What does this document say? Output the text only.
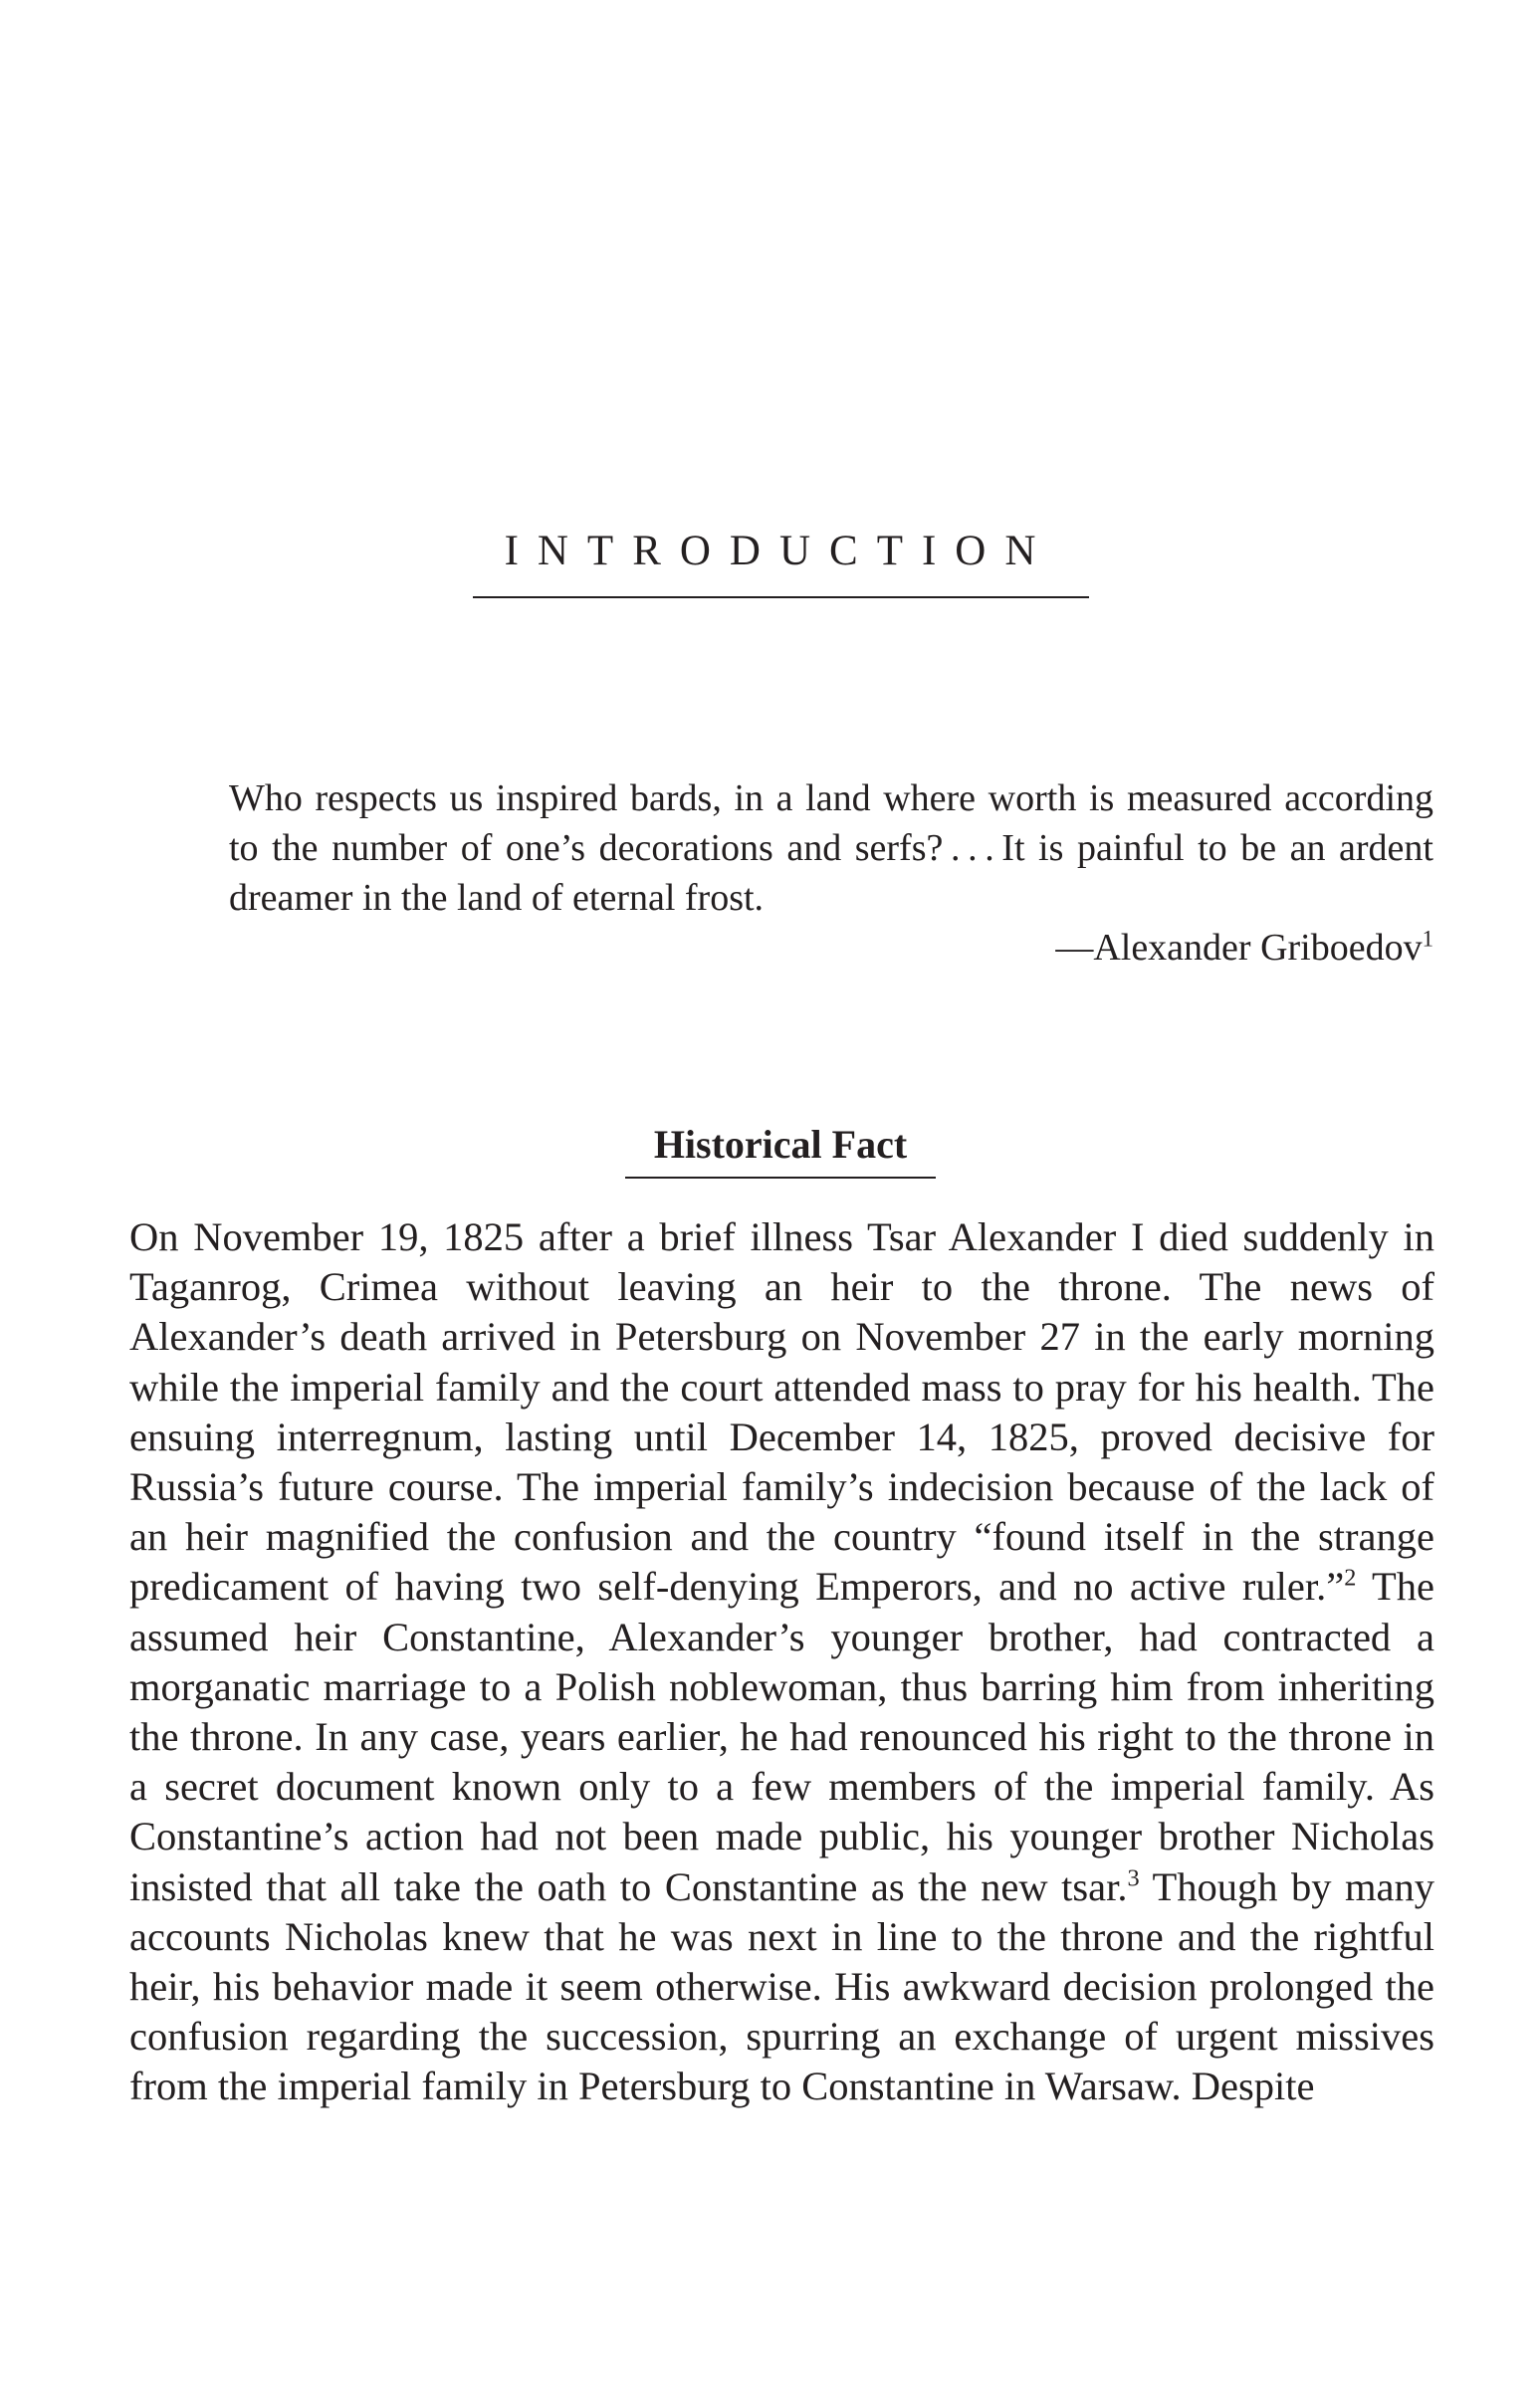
INTRODUCTION

Who respects us inspired bards, in a land where worth is measured according to the number of one’s decorations and serfs? . . . It is painful to be an ardent dreamer in the land of eternal frost.

—Alexander Griboedov$^1$

Historical Fact

On November 19, 1825 after a brief illness Tsar Alexander I died suddenly in Taganrog, Crimea without leaving an heir to the throne. The news of Alexander’s death arrived in Petersburg on November 27 in the early morning while the imperial family and the court attended mass to pray for his health. The ensuing interregnum, lasting until December 14, 1825, proved decisive for Russia’s future course. The imperial family’s indecision because of the lack of an heir magnified the confusion and the country “found itself in the strange predicament of having two self-denying Emperors, and no active ruler.”$^2$ The assumed heir Constantine, Alexander’s younger brother, had contracted a morganatic marriage to a Polish noblewoman, thus barring him from inheriting the throne. In any case, years earlier, he had renounced his right to the throne in a secret document known only to a few members of the imperial family. As Constantine’s action had not been made public, his younger brother Nicholas insisted that all take the oath to Constantine as the new tsar.$^3$ Though by many accounts Nicholas knew that he was next in line to the throne and the rightful heir, his behavior made it seem otherwise. His awkward decision prolonged the confusion regarding the succession, spurring an exchange of urgent missives from the imperial family in Petersburg to Constantine in Warsaw. Despite
